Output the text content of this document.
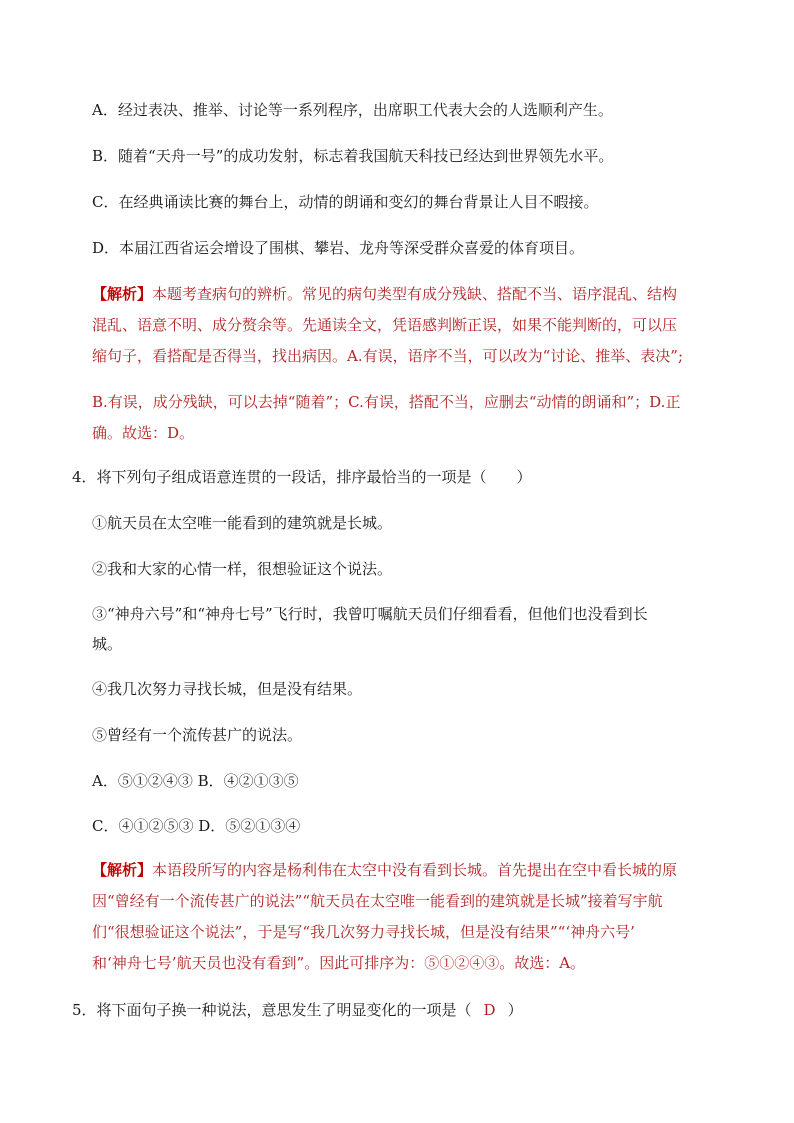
A．经过表决、推举、讨论等一系列程序，出席职工代表大会的人选顺利产生。
B．随着“天舟一号”的成功发射，标志着我国航天科技已经达到世界领先水平。
C．在经典诵读比赛的舞台上，动情的朗诵和变幻的舞台背景让人目不暇接。
D．本届江西省运会增设了围棋、攀岩、龙舟等深受群众喜爱的体育项目。
【解析】本题考查病句的辨析。常见的病句类型有成分残缺、搭配不当、语序混乱、结构
混乱、语意不明、成分赘余等。先通读全文，凭语感判断正误，如果不能判断的，可以压
缩句子，看搭配是否得当，找出病因。A.有误，语序不当，可以改为“讨论、推举、表决”;
B.有误，成分残缺，可以去掉“随着”；C.有误，搭配不当，应删去“动情的朗诵和”；D.正
确。故选：D。
4．将下列句子组成语意连贯的一段话，排序最恰当的一项是（　　）
①航天员在太空唯一能看到的建筑就是长城。
②我和大家的心情一样，很想验证这个说法。
③“神舟六号”和“神舟七号”飞行时，我曾叮嘱航天员们仔细看看，但他们也没看到长
城。
④我几次努力寻找长城，但是没有结果。
⑤曾经有一个流传甚广的说法。
A．⑤①②④③ B．④②①③⑤
C．④①②⑤③ D．⑤②①③④
【解析】本语段所写的内容是杨利伟在太空中没有看到长城。首先提出在空中看长城的原
因“曾经有一个流传甚广的说法”“航天员在太空唯一能看到的建筑就是长城”接着写宇航
们“很想验证这个说法”，于是写“我几次努力寻找长城，但是没有结果”“‘神舟六号’
和‘神舟七号’航天员也没有看到”。因此可排序为：⑤①②④③。故选：A。
5．将下面句子换一种说法，意思发生了明显变化的一项是（ D ）
